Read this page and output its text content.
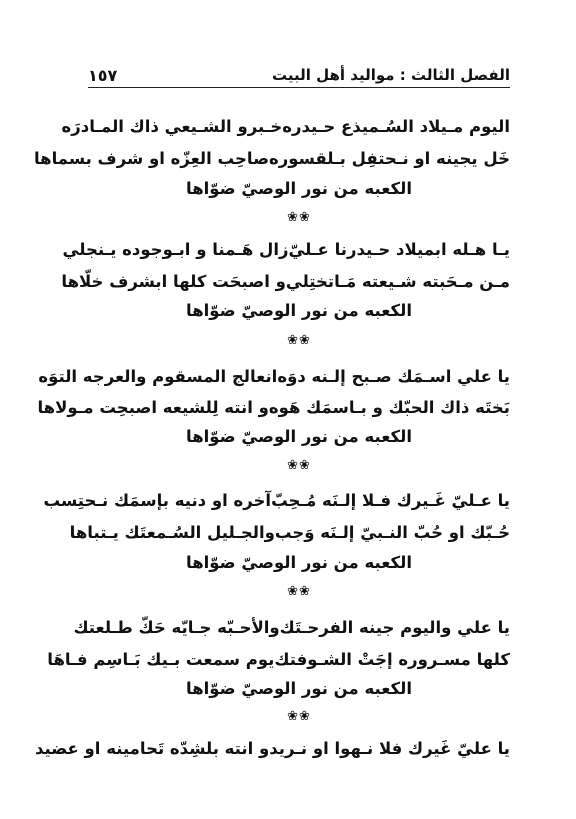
الفصل الثالث : مواليد أهل البيت
١٥٧
اليوم مـيلاد السُـميذع حـيدره
خـبرو الشـيعي ذاك المـادرَه
خَل يجينه او نـحتفِل بـلقسوره
صاحِب العِزّه او شرف بسماها
الكعبه من نور الوصيّ ضوّاها
❀❀
يـا هـله ابميلاد حـيدرنا عـليّ
زال هَـمنا و ابـوجوده يـنجلي
مـن مـحَبته شـيعته مَـاتختِلي
و اصبحَت كلها ابشرف خلّاها
الكعبه من نور الوصيّ ضوّاها
❀❀
يا علي اسـمَك صـبح إلـنه دوَه
انعالج المسقوم والعرجه التوَه
بَختَه ذاك الحبّك و بـاسمَك هَوه
و انته لِلشيعه اصبحِت مـولاها
الكعبه من نور الوصيّ ضوّاها
❀❀
يا عـليّ غَـيرك فـلا إلـنَه مُـحِبّ
آخره او دنيه بإسمَك نـحتِسب
حُـبّك او حُبّ النـبيّ إلـنَه وَجب
والجـليل السُـمعتَك يـتباها
الكعبه من نور الوصيّ ضوّاها
❀❀
يا علي واليوم جينه الفرحـتَك
والأحـبّه جـايّه حَكّ طـلعتك
كلها مسـروره إجَتْ الشـوفتك
يوم سمعت بـيك بَـاسِم فـاهَا
الكعبه من نور الوصيّ ضوّاها
❀❀
يا عليّ غَيرك فلا نـهوا او نـريد
و انته بلشِدّه تَحامينه او عضيد
